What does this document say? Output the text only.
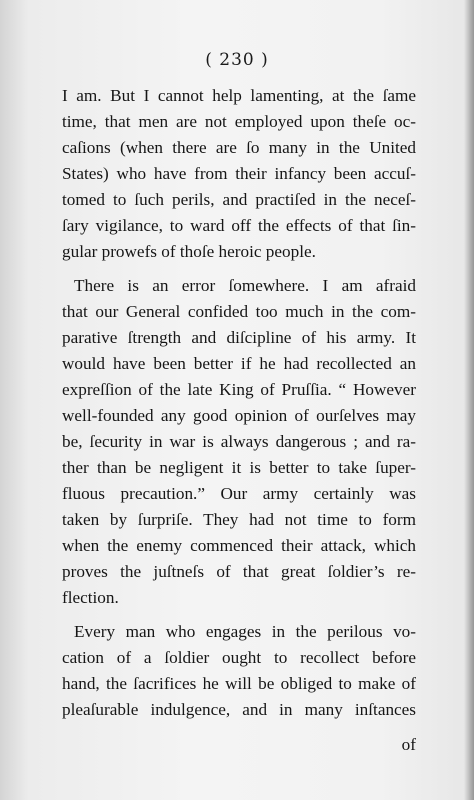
( 230 )
I am. But I cannot help lamenting, at the ſame
time, that men are not employed upon theſe oc-
caſions (when there are ſo many in the United
States) who have from their infancy been accuſ-
tomed to ſuch perils, and practiſed in the neceſ-
ſary vigilance, to ward off the effects of that ſin-
gular prowefs of thoſe heroic people.
There is an error ſomewhere. I am afraid
that our General confided too much in the com-
parative ſtrength and diſcipline of his army. It
would have been better if he had recollected an
expreſſion of the late King of Pruſſia. “ However
well-founded any good opinion of ourſelves may
be, ſecurity in war is always dangerous ; and ra-
ther than be negligent it is better to take ſuper-
fluous precaution.” Our army certainly was
taken by ſurpriſe. They had not time to form
when the enemy commenced their attack, which
proves the juſtneſs of that great ſoldier’s re-
flection.
Every man who engages in the perilous vo-
cation of a ſoldier ought to recollect before
hand, the ſacrifices he will be obliged to make of
pleaſurable indulgence, and in many inſtances
of
